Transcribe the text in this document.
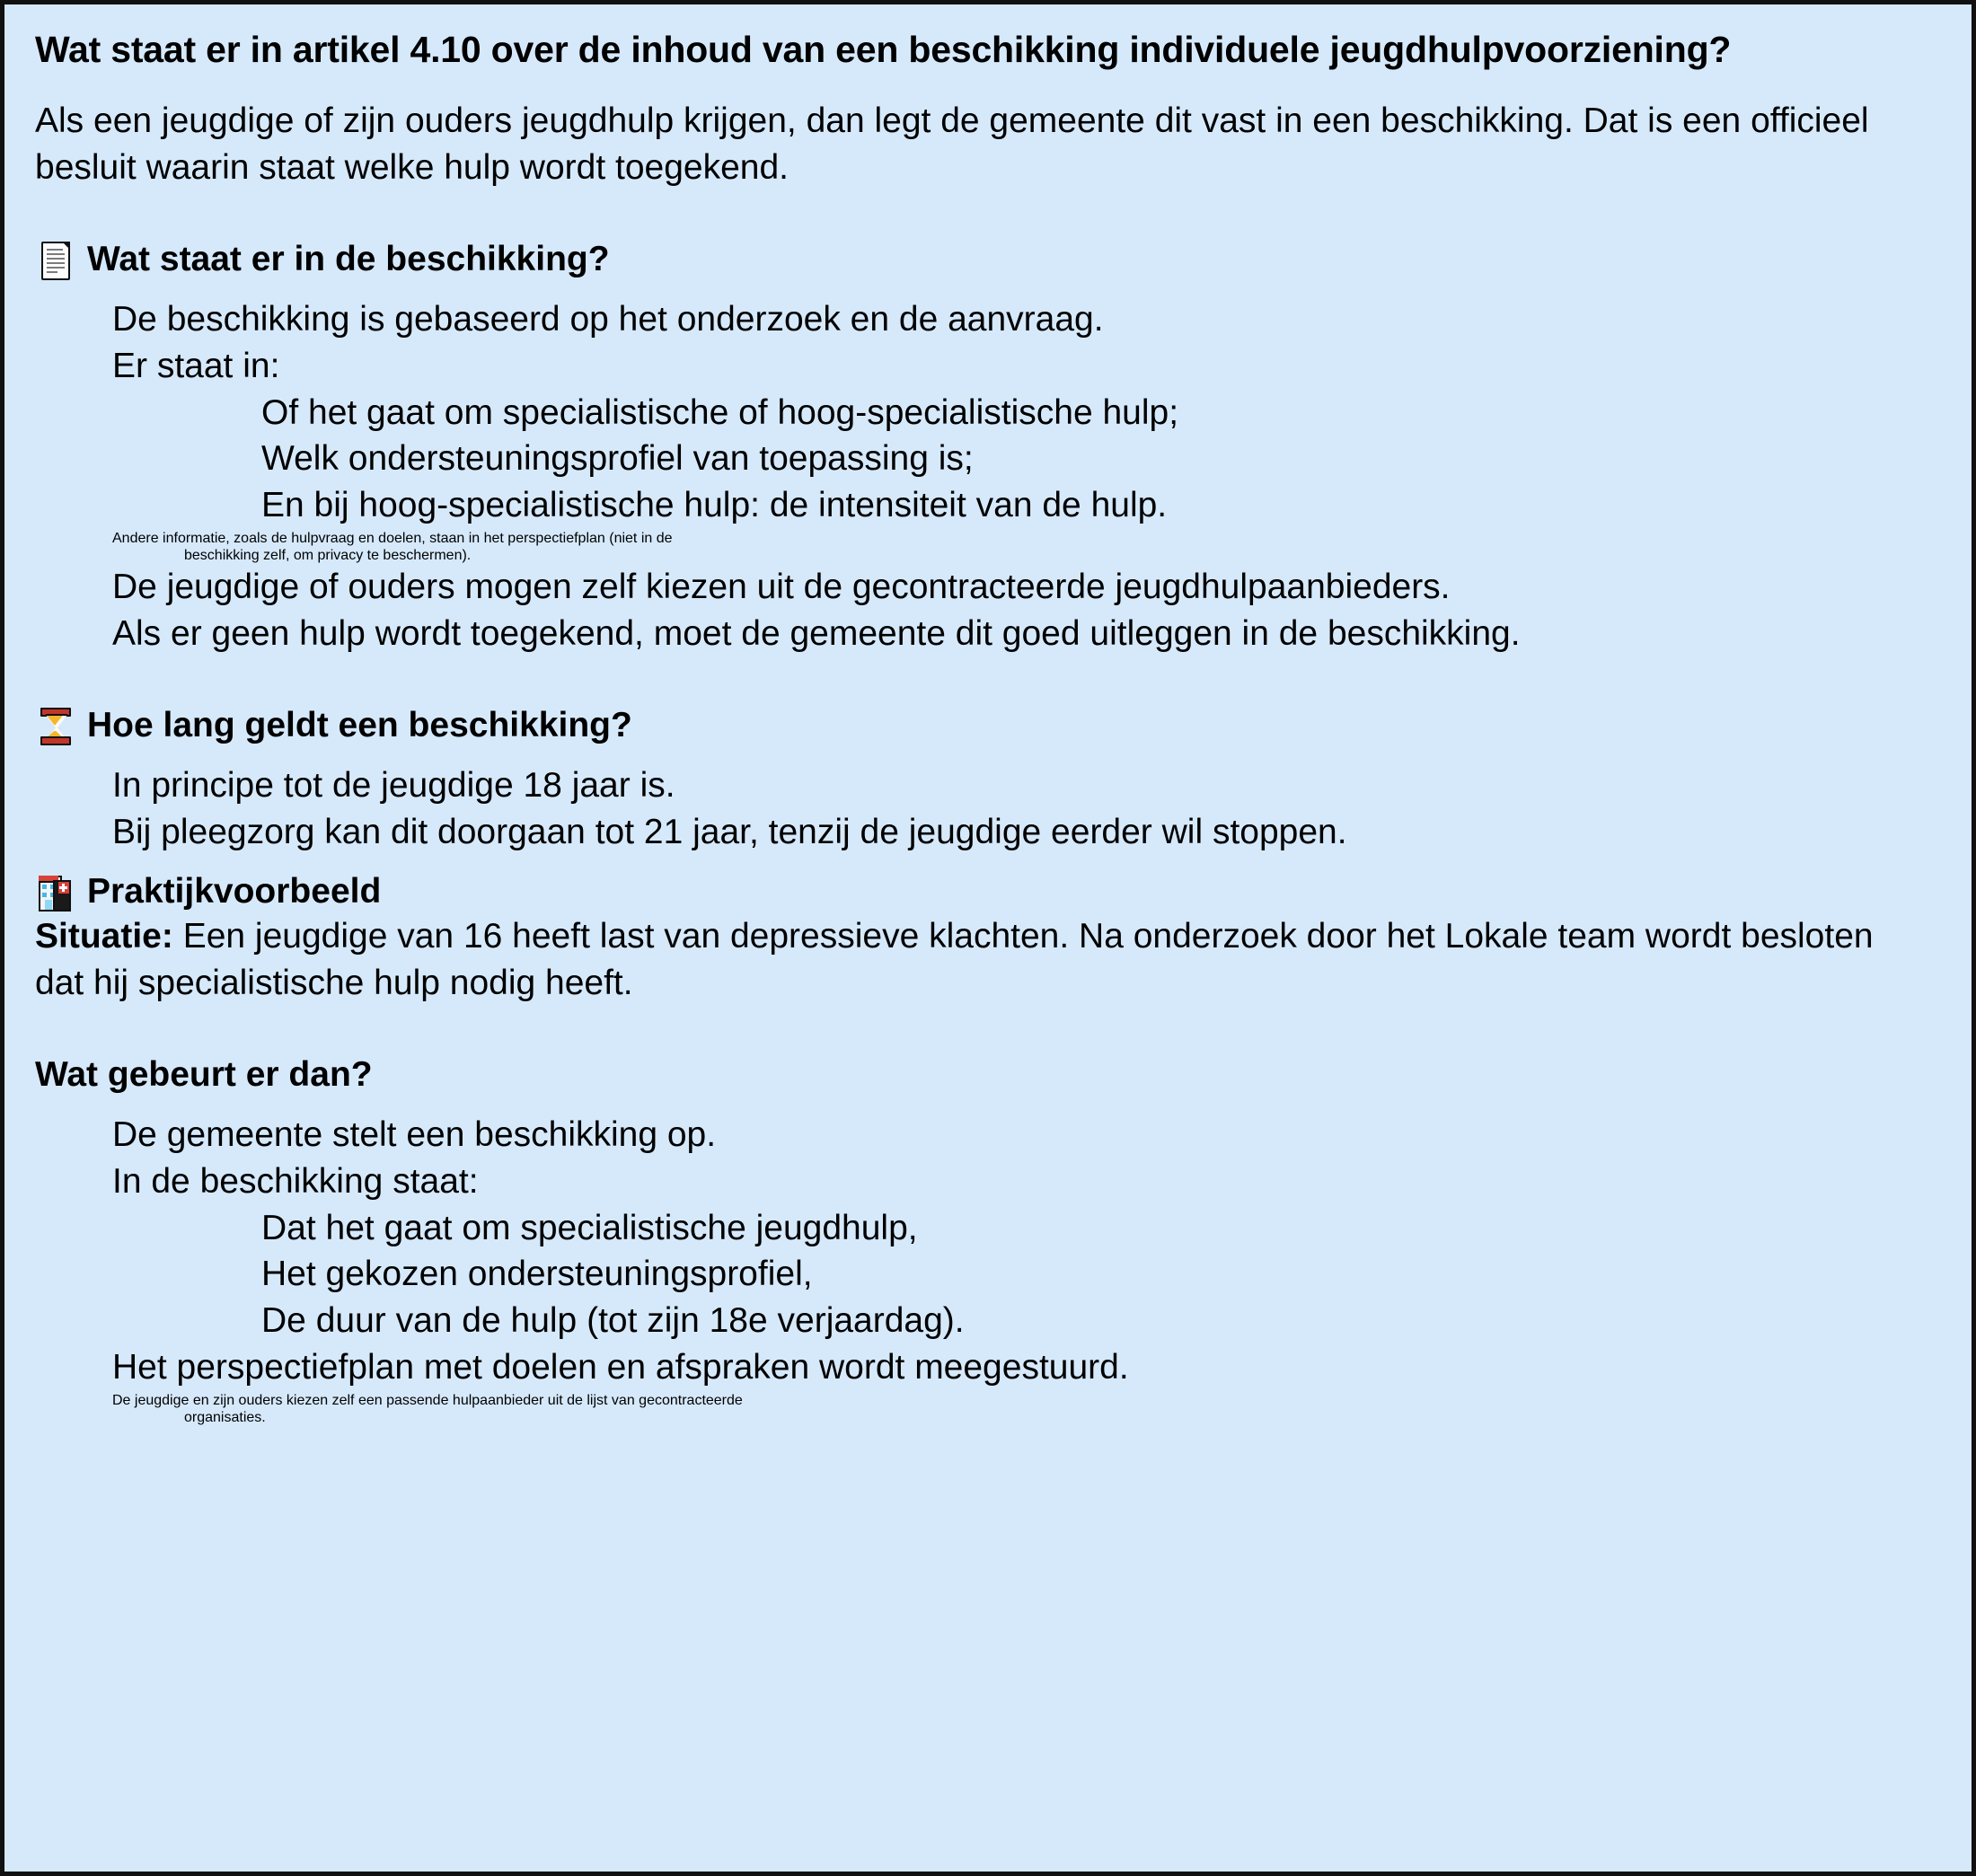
Wat staat er in artikel 4.10 over de inhoud van een beschikking individuele jeugdhulpvoorziening?

Als een jeugdige of zijn ouders jeugdhulp krijgen, dan legt de gemeente dit vast in een beschikking. Dat is een officieel besluit waarin staat welke hulp wordt toegekend.

Wat staat er in de beschikking?

De beschikking is gebaseerd op het onderzoek en de aanvraag.

Er staat in:

Of het gaat om specialistische of hoog-specialistische hulp;

Welk ondersteuningsprofiel van toepassing is;

En bij hoog-specialistische hulp: de intensiteit van de hulp.

Andere informatie, zoals de hulpvraag en doelen, staan in het perspectiefplan (niet in de
beschikking zelf, om privacy te beschermen).

De jeugdige of ouders mogen zelf kiezen uit de gecontracteerde jeugdhulpaanbieders.

Als er geen hulp wordt toegekend, moet de gemeente dit goed uitleggen in de beschikking.

Hoe lang geldt een beschikking?

In principe tot de jeugdige 18 jaar is.

Bij pleegzorg kan dit doorgaan tot 21 jaar, tenzij de jeugdige eerder wil stoppen.

Praktijkvoorbeeld

Situatie: Een jeugdige van 16 heeft last van depressieve klachten. Na onderzoek door het Lokale team wordt besloten dat hij specialistische hulp nodig heeft.

Wat gebeurt er dan?

De gemeente stelt een beschikking op.

In de beschikking staat:

Dat het gaat om specialistische jeugdhulp,

Het gekozen ondersteuningsprofiel,

De duur van de hulp (tot zijn 18e verjaardag).

Het perspectiefplan met doelen en afspraken wordt meegestuurd.

De jeugdige en zijn ouders kiezen zelf een passende hulpaanbieder uit de lijst van gecontracteerde
organisaties.
